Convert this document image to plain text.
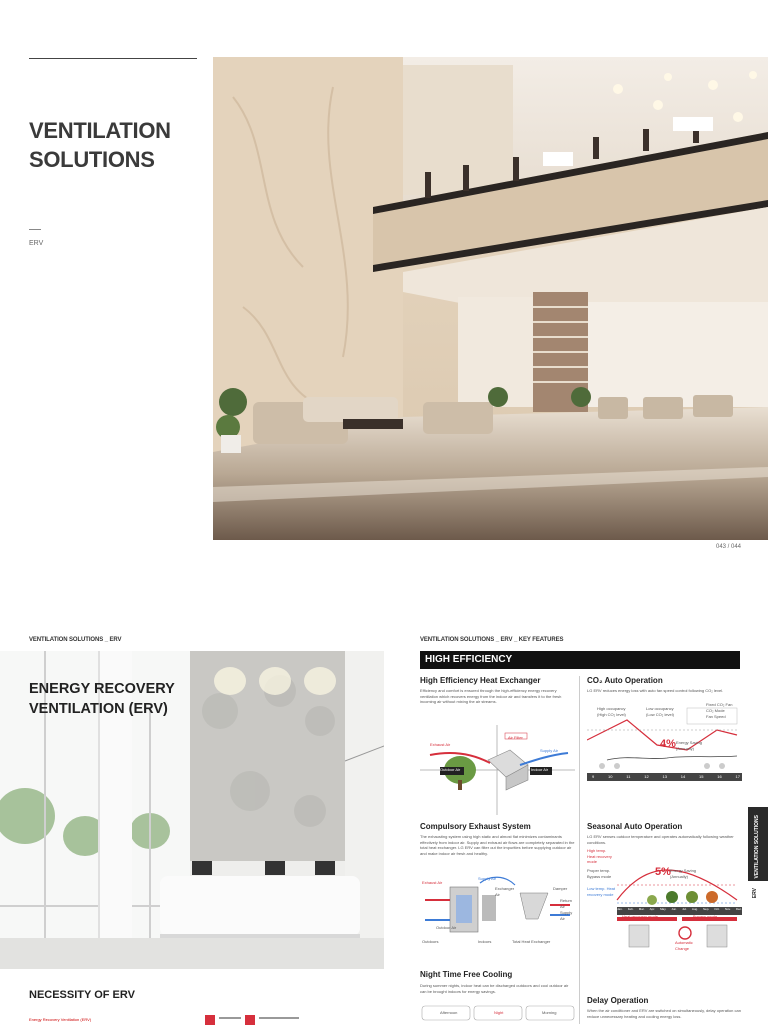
VENTILATION
SOLUTIONS
ERV
043 / 044
VENTILATION SOLUTIONS _ ERV	VENTILATION SOLUTIONS _ ERV _ KEY FEATURES
ENERGY RECOVERY
VENTILATION (ERV)
NECESSITY OF ERV
Energy Recovery Ventilation (ERV)
HIGH EFFICIENCY
High Efficiency Heat Exchanger
Efficiency and comfort is ensured through the high-efficiency energy recovery ventilation which recovers energy from the indoor air and transfers it to the fresh incoming air without mixing the air streams.
Exhaust Air
Air Filter
Supply Air
Outdoor Air	Indoor Air
Compulsory Exhaust System
The exhausting system using high static and almost flat minimizes contaminants effectively from indoor air. Supply and exhaust air flows are completely separated in the total heat exchanger. LG ERV can filter out the impurities before supplying outdoor air and make indoor air fresh and healthy.
Exhaust Air
Supply Air
Exchanger Air
Damper
Return Air
Outdoor Air
Supply Air
Outdoors	Indoors	Total Heat Exchanger
Night Time Free Cooling
During summer nights, indoor heat can be discharged outdoors and cool outdoor air can be brought indoors for energy savings.
Afternoon	Night	Morning
CO₂ Auto Operation
LG ERV reduces energy loss with auto fan speed control following CO₂ level.
High occupancy (High CO₂ level)
Low occupancy (Low CO₂ level)
4% Energy Saving (Annually)
Fixed CO₂ Fan
CO₂ Mode
Fan Speed
9	10	11	12	13	14	15	16	17
Seasonal Auto Operation
LG ERV senses outdoor temperature and operates automatically following weather conditions.
High temp. Heat recovery mode
Proper temp. Bypass mode
Low temp. Heat recovery mode
5% Energy Saving (Annually)
Jan. Feb. Mar. Apr. May. Jun. Jul. Aug. Sep. Oct. Nov. Dec.
Heat recovery mode	Bypass mode
Automatic Change
Delay Operation
When the air conditioner and ERV are switched on simultaneously, delay operation can reduce unnecessary heating and cooling energy loss.
VENTILATION SOLUTIONS
ERV
